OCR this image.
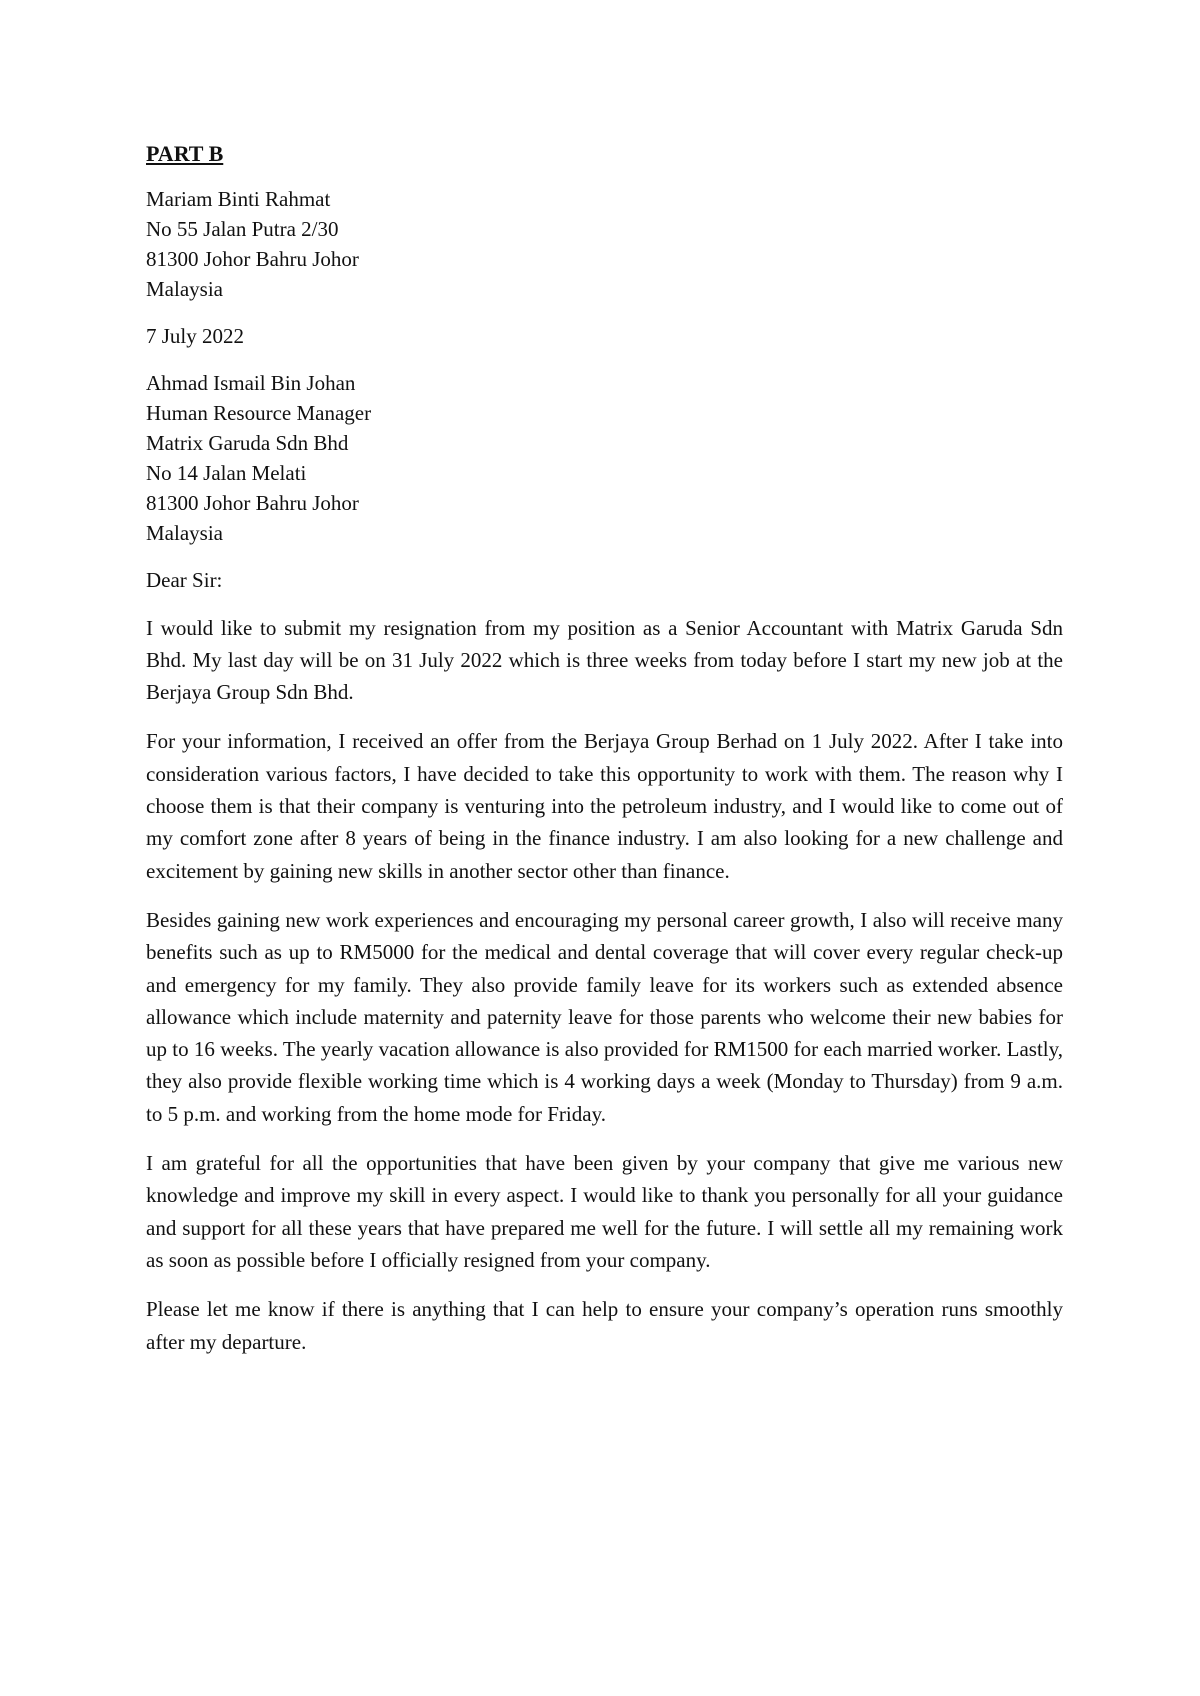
PART B
Mariam Binti Rahmat
No 55 Jalan Putra 2/30
81300 Johor Bahru Johor
Malaysia
7 July 2022
Ahmad Ismail Bin Johan
Human Resource Manager
Matrix Garuda Sdn Bhd
No 14 Jalan Melati
81300 Johor Bahru Johor
Malaysia
Dear Sir:

I would like to submit my resignation from my position as a Senior Accountant with Matrix Garuda Sdn Bhd. My last day will be on 31 July 2022 which is three weeks from today before I start my new job at the Berjaya Group Sdn Bhd.

For your information, I received an offer from the Berjaya Group Berhad on 1 July 2022. After I take into consideration various factors, I have decided to take this opportunity to work with them. The reason why I choose them is that their company is venturing into the petroleum industry, and I would like to come out of my comfort zone after 8 years of being in the finance industry. I am also looking for a new challenge and excitement by gaining new skills in another sector other than finance.

Besides gaining new work experiences and encouraging my personal career growth, I also will receive many benefits such as up to RM5000 for the medical and dental coverage that will cover every regular check-up and emergency for my family. They also provide family leave for its workers such as extended absence allowance which include maternity and paternity leave for those parents who welcome their new babies for up to 16 weeks. The yearly vacation allowance is also provided for RM1500 for each married worker. Lastly, they also provide flexible working time which is 4 working days a week (Monday to Thursday) from 9 a.m. to 5 p.m. and working from the home mode for Friday.

I am grateful for all the opportunities that have been given by your company that give me various new knowledge and improve my skill in every aspect. I would like to thank you personally for all your guidance and support for all these years that have prepared me well for the future. I will settle all my remaining work as soon as possible before I officially resigned from your company.

Please let me know if there is anything that I can help to ensure your company’s operation runs smoothly after my departure.
